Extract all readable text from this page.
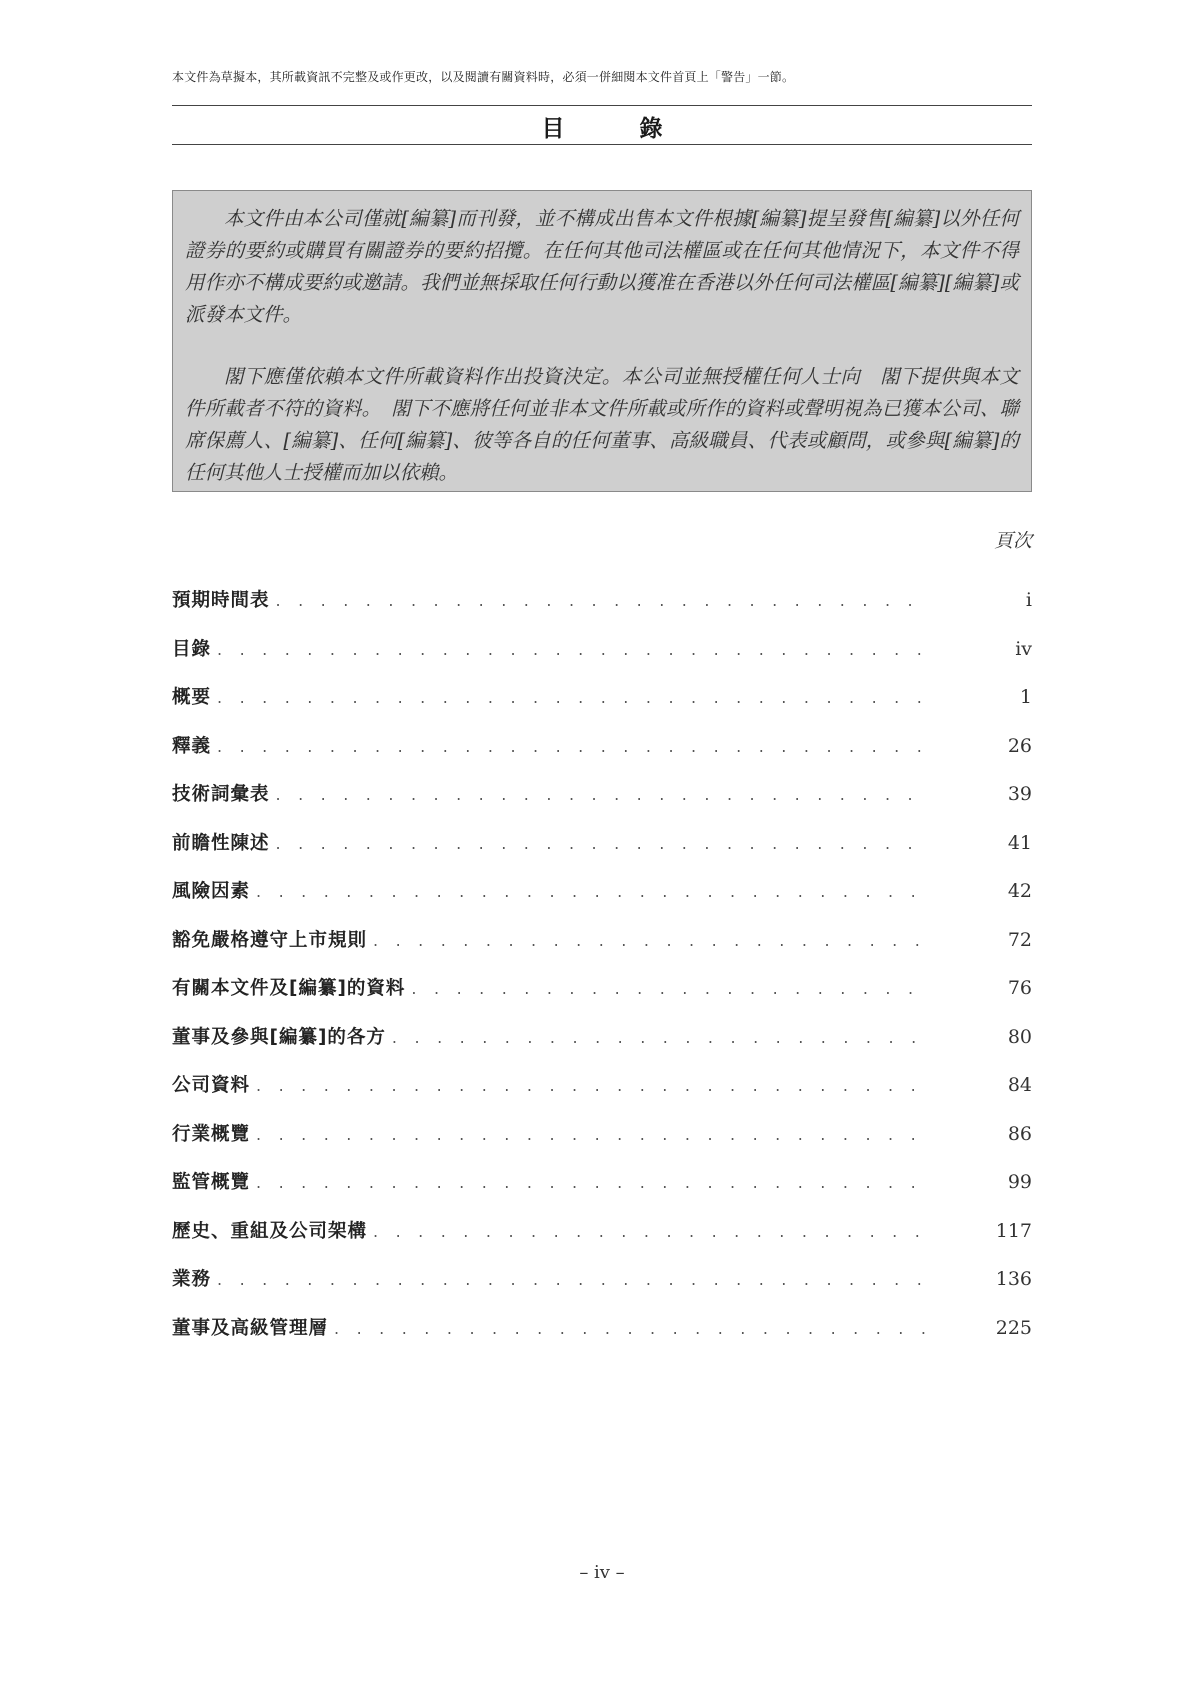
本文件為草擬本，其所載資訊不完整及或作更改，以及閱讀有關資料時，必須一併細閱本文件首頁上「警告」一節。
目　錄

本文件由本公司僅就[編纂]而刊發，並不構成出售本文件根據[編纂]提呈發售[編纂]以外任何證券的要約或購買有關證券的要約招攬。在任何其他司法權區或在任何其他情況下，本文件不得用作亦不構成要約或邀請。我們並無採取任何行動以獲准在香港以外任何司法權區[編纂][編纂]或派發本文件。

閣下應僅依賴本文件所載資料作出投資決定。本公司並無授權任何人士向　閣下提供與本文件所載者不符的資料。　閣下不應將任何並非本文件所載或所作的資料或聲明視為已獲本公司、聯席保薦人、[編纂]、任何[編纂]、彼等各自的任何董事、高級職員、代表或顧問，或參與[編纂]的任何其他人士授權而加以依賴。

頁次
預期時間表 . . .	i
目錄 . . .	iv
概要 . . .	1
釋義 . . .	26
技術詞彙表 . . .	39
前瞻性陳述 . . .	41
風險因素 . . .	42
豁免嚴格遵守上市規則 . . .	72
有關本文件及[編纂]的資料 . . .	76
董事及參與[編纂]的各方 . . .	80
公司資料 . . .	84
行業概覽 . . .	86
監管概覽 . . .	99
歷史、重組及公司架構 . . .	117
業務 . . .	136
董事及高級管理層 . . .	225
– iv –
